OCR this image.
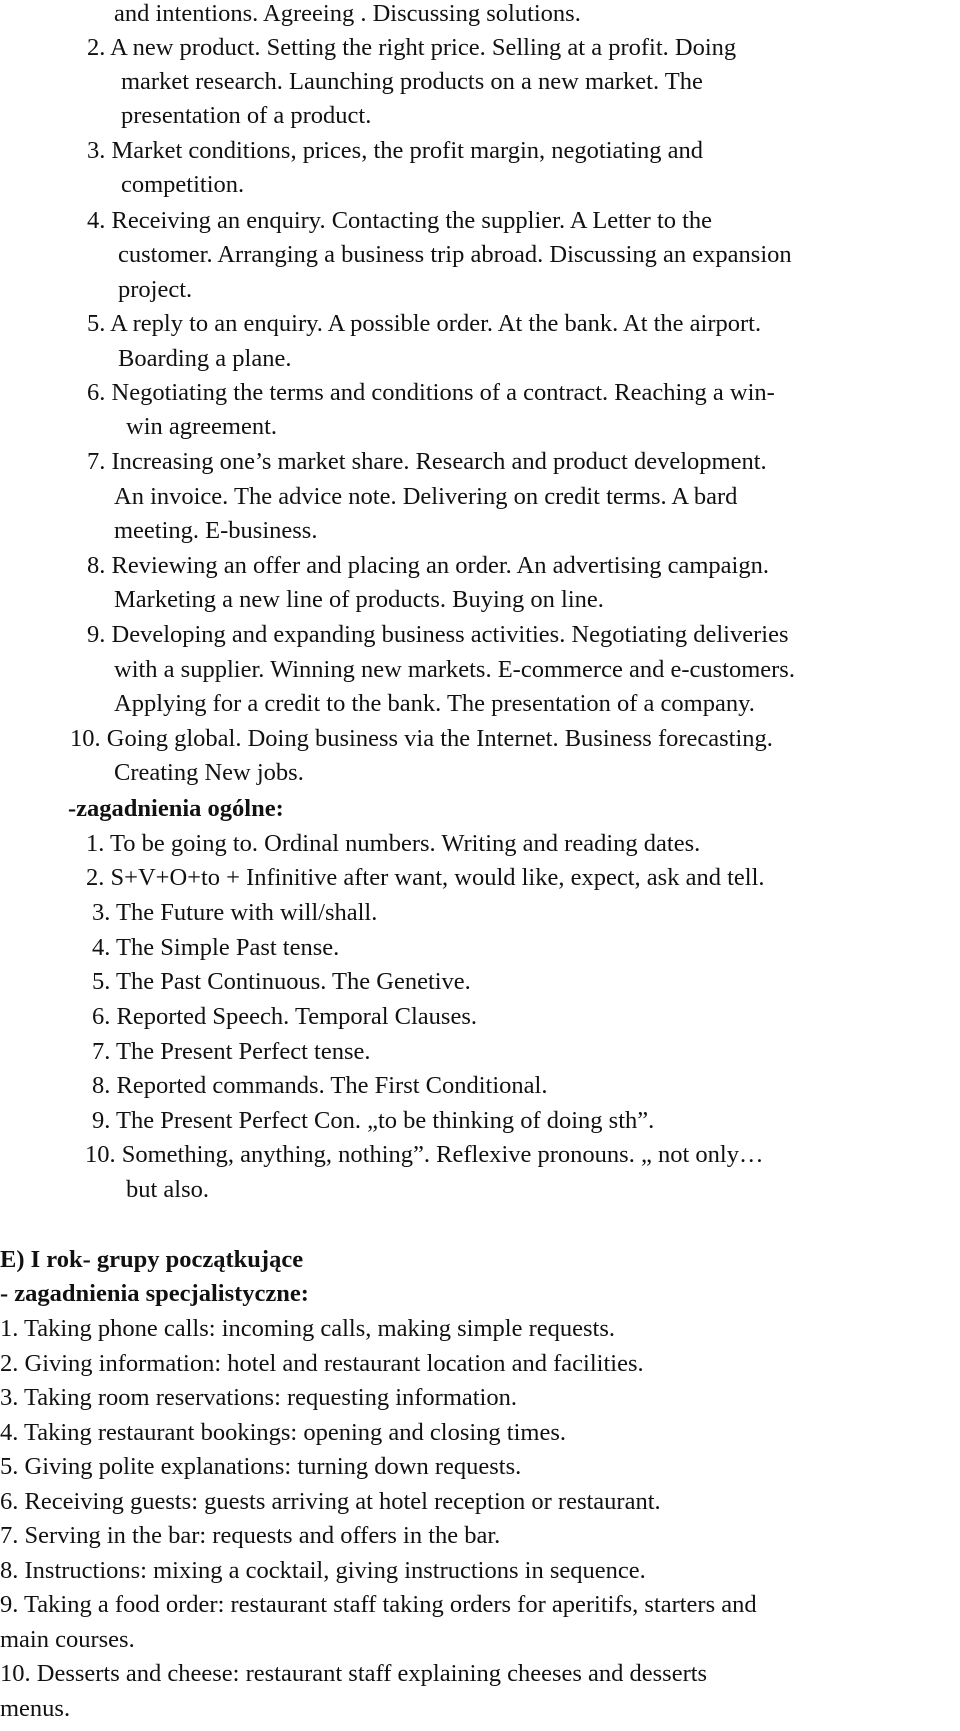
and intentions. Agreeing . Discussing solutions.
2. A new product. Setting the right price. Selling at a profit. Doing
market research. Launching products on a new market. The
presentation of a product.
3. Market conditions, prices, the profit margin, negotiating and
competition.
4. Receiving an enquiry. Contacting the supplier. A Letter to the
customer. Arranging a business trip abroad. Discussing an expansion
project.
5. A reply to an enquiry. A possible order. At the bank. At the airport.
Boarding a plane.
6. Negotiating the terms and conditions of a contract. Reaching a win-
win agreement.
7. Increasing one’s market share. Research and product development.
An invoice. The advice note. Delivering on credit terms. A bard
meeting. E-business.
8. Reviewing an offer and placing an order. An advertising campaign.
Marketing a new line of products. Buying on line.
9. Developing and expanding business activities. Negotiating deliveries
with a supplier. Winning new markets. E-commerce and e-customers.
Applying for a credit to the bank. The presentation of a company.
10. Going global. Doing business via the Internet. Business forecasting.
Creating New jobs.
-zagadnienia ogólne:
1. To be going to. Ordinal numbers. Writing and reading dates.
2. S+V+O+to + Infinitive after want, would like, expect, ask and tell.
3. The Future with will/shall.
4. The Simple Past tense.
5. The Past Continuous. The Genetive.
6. Reported Speech. Temporal Clauses.
7. The Present Perfect tense.
8. Reported commands. The First Conditional.
9. The Present Perfect Con. „to be thinking of doing sth”.
10. Something, anything, nothing”. Reflexive pronouns. „ not only…
but also.
E) I rok- grupy początkujące
- zagadnienia specjalistyczne:
1. Taking phone calls: incoming calls, making simple requests.
2. Giving information: hotel and restaurant location and facilities.
3. Taking room reservations: requesting information.
4. Taking restaurant bookings: opening and closing times.
5. Giving polite explanations: turning down requests.
6. Receiving guests: guests arriving at hotel reception or restaurant.
7. Serving in the bar: requests and offers in the bar.
8. Instructions: mixing a cocktail, giving instructions in sequence.
9. Taking a food order: restaurant staff taking orders for aperitifs, starters and
main courses.
10. Desserts and cheese: restaurant staff explaining cheeses and desserts
menus.
